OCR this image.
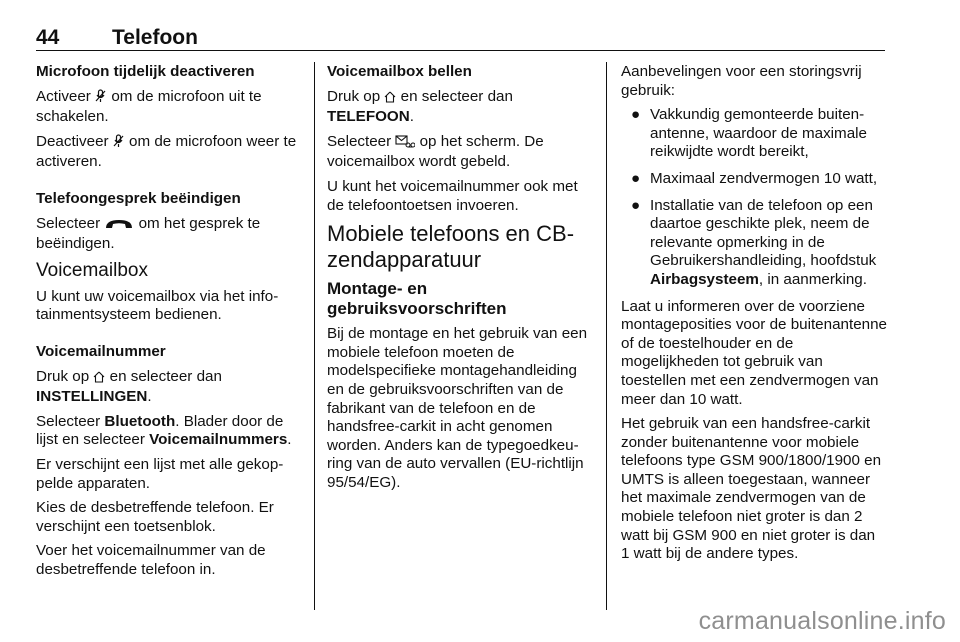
44	Telefoon

Microfoon tijdelijk deactiveren

Activeer  om de microfoon uit te schakelen.

Deactiveer  om de microfoon weer te activeren.

Telefoongesprek beëindigen

Selecteer  om het gesprek te beëindigen.

Voicemailbox

U kunt uw voicemailbox via het infotainmentsysteem bedienen.

Voicemailnummer

Druk op  en selecteer dan INSTELLINGEN.

Selecteer Bluetooth. Blader door de lijst en selecteer Voicemailnummers.

Er verschijnt een lijst met alle gekoppelde apparaten.

Kies de desbetreffende telefoon. Er verschijnt een toetsenblok.

Voer het voicemailnummer van de desbetreffende telefoon in.

Voicemailbox bellen

Druk op  en selecteer dan TELEFOON.

Selecteer  op het scherm. De voicemailbox wordt gebeld.

U kunt het voicemailnummer ook met de telefoontoetsen invoeren.

Mobiele telefoons en CB-zendapparatuur

Montage- en gebruiksvoorschriften

Bij de montage en het gebruik van een mobiele telefoon moeten de modelspecifieke montagehandleiding en de gebruiksvoorschriften van de fabrikant van de telefoon en de handsfree-carkit in acht genomen worden. Anders kan de typegoedkeuring van de auto vervallen (EU-richtlijn 95/54/EG).

Aanbevelingen voor een storingsvrij gebruik:

● Vakkundig gemonteerde buitenantenne, waardoor de maximale reikwijdte wordt bereikt,
● Maximaal zendvermogen 10 watt,
● Installatie van de telefoon op een daartoe geschikte plek, neem de relevante opmerking in de Gebruikershandleiding, hoofdstuk Airbagsysteem, in aanmerking.

Laat u informeren over de voorziene montageposities voor de buitenantenne of de toestelhouder en de mogelijkheden tot gebruik van toestellen met een zendvermogen van meer dan 10 watt.

Het gebruik van een handsfree-carkit zonder buitenantenne voor mobiele telefoons type GSM 900/1800/1900 en UMTS is alleen toegestaan, wanneer het maximale zendvermogen van de mobiele telefoon niet groter is dan 2 watt bij GSM 900 en niet groter is dan 1 watt bij de andere types.

carmanualsonline.info
